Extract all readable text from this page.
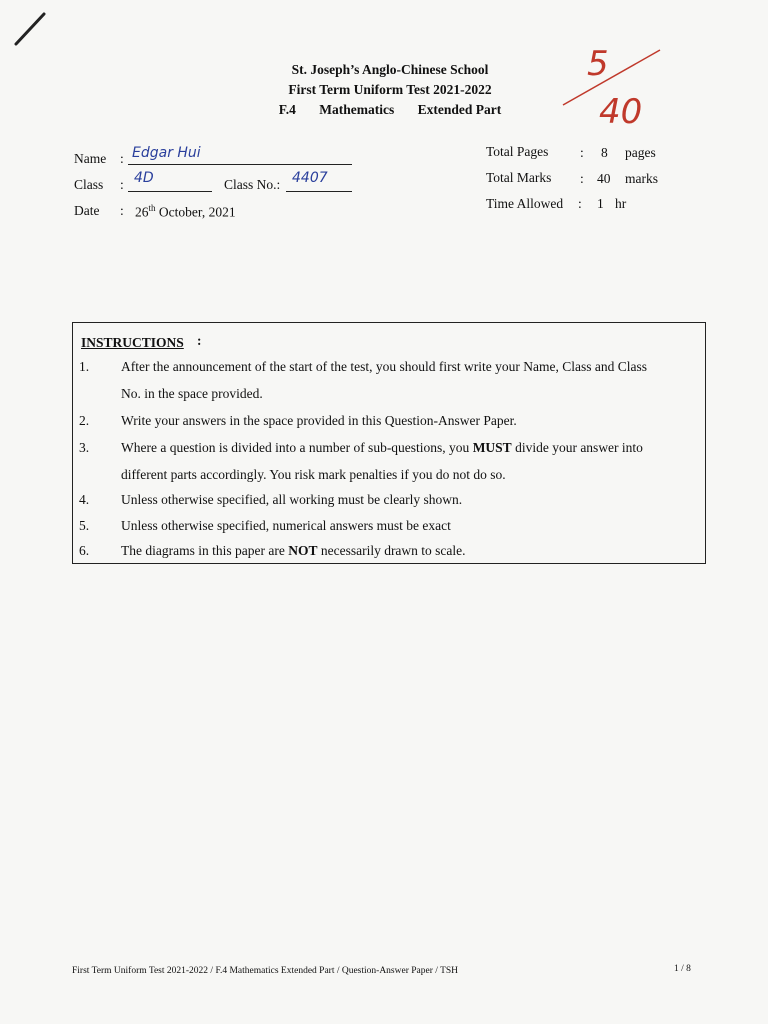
St. Joseph’s Anglo-Chinese School
First Term Uniform Test 2021-2022
F.4 Mathematics Extended Part
5
40
Name : Edgar Hui
Class : 4D	Class No.: 4407
Date : 26th October, 2021
Total Pages : 8 pages
Total Marks : 40 marks
Time Allowed : 1 hr
INSTRUCTIONS :
1.	After the announcement of the start of the test, you should first write your Name, Class and Class
No. in the space provided.
2.	Write your answers in the space provided in this Question-Answer Paper.
3.	Where a question is divided into a number of sub-questions, you MUST divide your answer into
different parts accordingly. You risk mark penalties if you do not do so.
4.	Unless otherwise specified, all working must be clearly shown.
5.	Unless otherwise specified, numerical answers must be exact
6.	The diagrams in this paper are NOT necessarily drawn to scale.
First Term Uniform Test 2021-2022 / F.4 Mathematics Extended Part / Question-Answer Paper / TSH	1 / 8
